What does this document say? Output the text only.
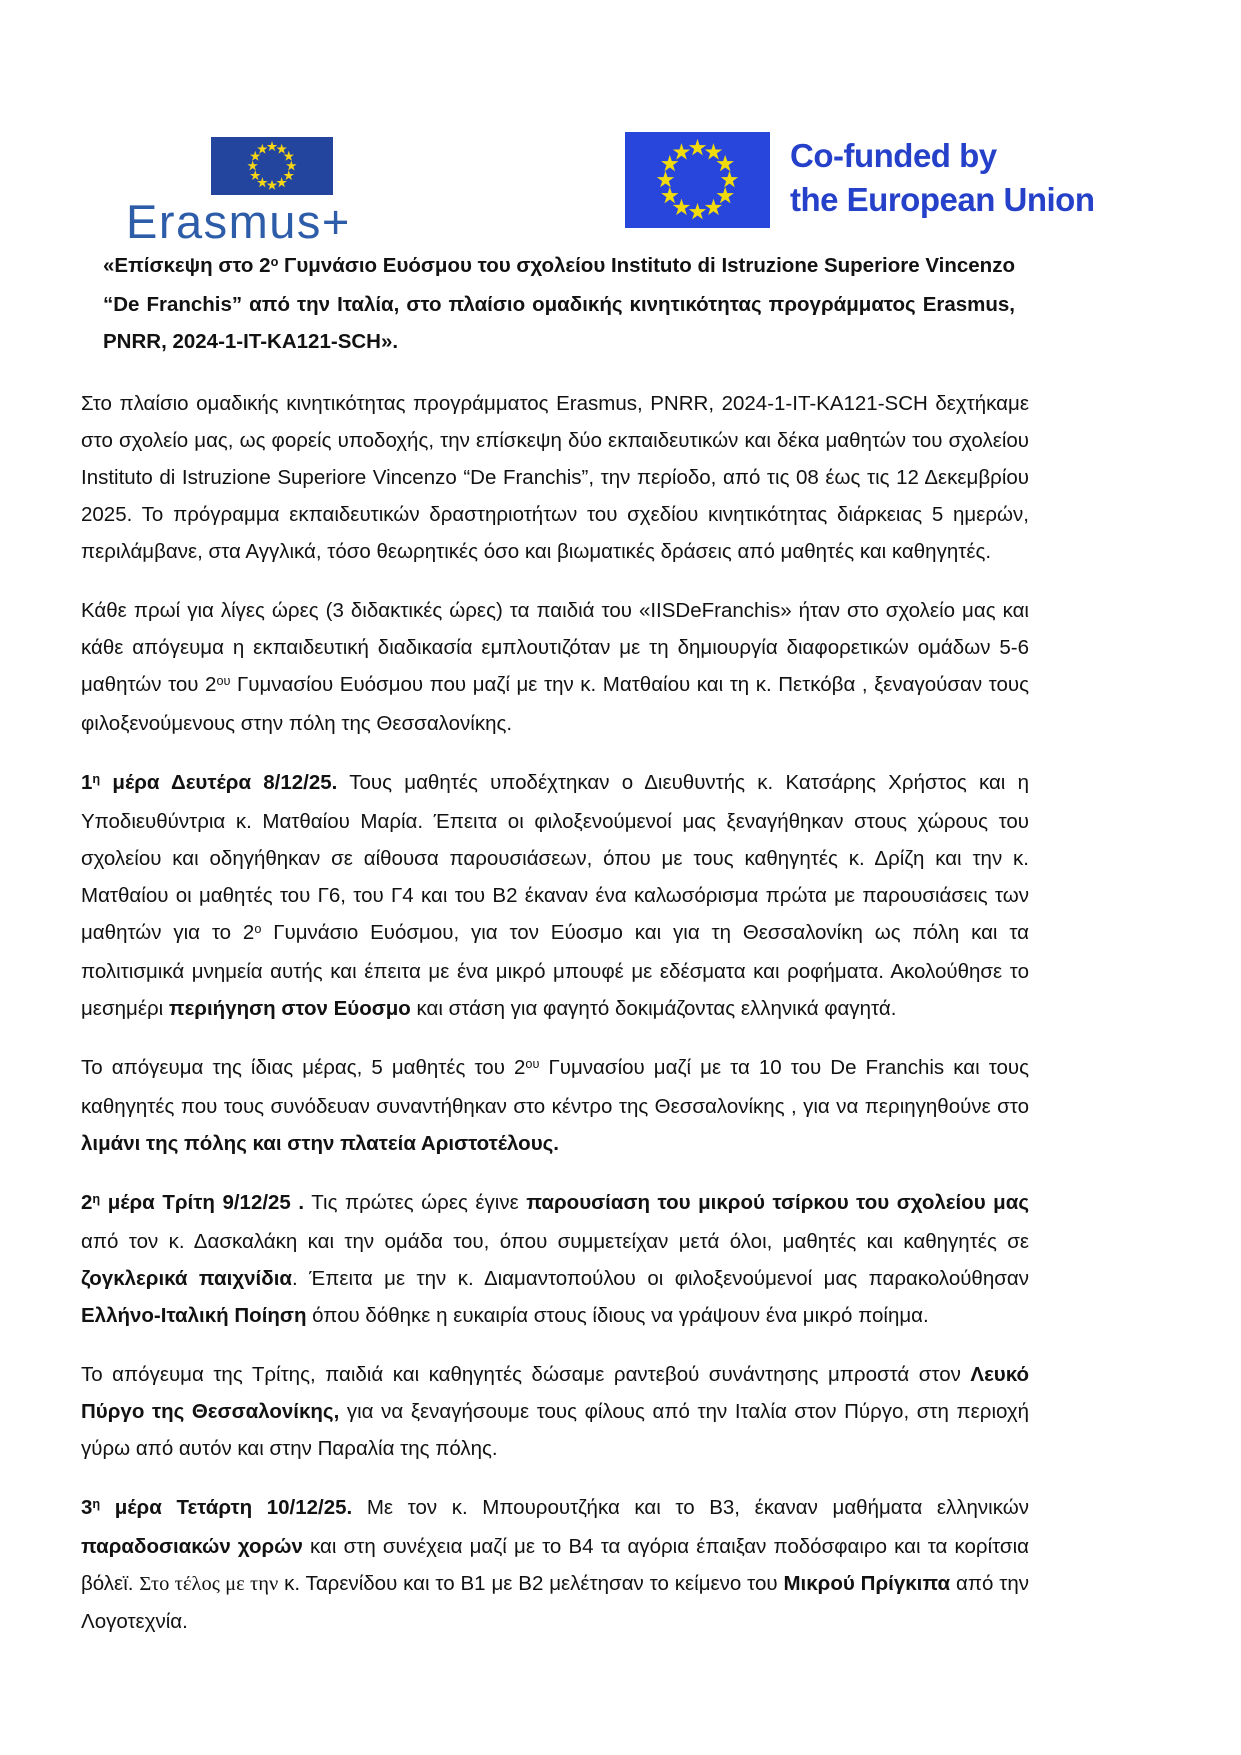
Erasmus+
Co-funded by
the European Union

«Επίσκεψη στο $2^o$ Γυμνάσιο Ευόσμου του σχολείου Instituto di Istruzione Superiore Vincenzo “De Franchis” από την Ιταλία, στο πλαίσιο ομαδικής κινητικότητας προγράμματος Erasmus, PNRR, 2024-1-IT-KA121-SCH».

Στο πλαίσιο ομαδικής κινητικότητας προγράμματος Erasmus, PNRR, 2024-1-IT-KA121-SCH δεχτήκαμε στο σχολείο μας, ως φορείς υποδοχής, την επίσκεψη δύο εκπαιδευτικών και δέκα μαθητών του σχολείου Instituto di Istruzione Superiore Vincenzo “De Franchis”, την περίοδο, από τις 08 έως τις 12 Δεκεμβρίου 2025. Το πρόγραμμα εκπαιδευτικών δραστηριοτήτων του σχεδίου κινητικότητας διάρκειας 5 ημερών, περιλάμβανε, στα Αγγλικά, τόσο θεωρητικές όσο και βιωματικές δράσεις από μαθητές και καθηγητές.

Κάθε πρωί για λίγες ώρες (3 διδακτικές ώρες) τα παιδιά του «IISDeFranchis» ήταν στο σχολείο μας και κάθε απόγευμα η εκπαιδευτική διαδικασία εμπλουτιζόταν με τη δημιουργία διαφορετικών ομάδων 5-6 μαθητών του $2^{o\upsilon}$ Γυμνασίου Ευόσμου που μαζί με την κ. Ματθαίου και τη κ. Πετκόβα , ξεναγούσαν τους φιλοξενούμενους στην πόλη της Θεσσαλονίκης.

$1^\eta$ μέρα Δευτέρα 8/12/25. Τους μαθητές υποδέχτηκαν ο Διευθυντής κ. Κατσάρης Χρήστος και η Υποδιευθύντρια κ. Ματθαίου Μαρία. Έπειτα οι φιλοξενούμενοί μας ξεναγήθηκαν στους χώρους του σχολείου και οδηγήθηκαν σε αίθουσα παρουσιάσεων, όπου με τους καθηγητές κ. Δρίζη και την κ. Ματθαίου οι μαθητές του Γ6, του Γ4 και του Β2 έκαναν ένα καλωσόρισμα πρώτα με παρουσιάσεις των μαθητών για το $2^o$ Γυμνάσιο Ευόσμου, για τον Εύοσμο και για τη Θεσσαλονίκη ως πόλη και τα πολιτισμικά μνημεία αυτής και έπειτα με ένα μικρό μπουφέ με εδέσματα και ροφήματα. Ακολούθησε το μεσημέρι περιήγηση στον Εύοσμο και στάση για φαγητό δοκιμάζοντας ελληνικά φαγητά.

Το απόγευμα της ίδιας μέρας, 5 μαθητές του $2^{o\upsilon}$ Γυμνασίου μαζί με τα 10 του De Franchis και τους καθηγητές που τους συνόδευαν συναντήθηκαν στο κέντρο της Θεσσαλονίκης , για να περιηγηθούνε στο λιμάνι της πόλης και στην πλατεία Αριστοτέλους.

$2^\eta$ μέρα Τρίτη 9/12/25 . Τις πρώτες ώρες έγινε παρουσίαση του μικρού τσίρκου του σχολείου μας από τον κ. Δασκαλάκη και την ομάδα του, όπου συμμετείχαν μετά όλοι, μαθητές και καθηγητές σε ζογκλερικά παιχνίδια. Έπειτα με την κ. Διαμαντοπούλου οι φιλοξενούμενοί μας παρακολούθησαν Ελλήνο-Ιταλική Ποίηση όπου δόθηκε η ευκαιρία στους ίδιους να γράψουν ένα μικρό ποίημα.

Το απόγευμα της Τρίτης, παιδιά και καθηγητές δώσαμε ραντεβού συνάντησης μπροστά στον Λευκό Πύργο της Θεσσαλονίκης, για να ξεναγήσουμε τους φίλους από την Ιταλία στον Πύργο, στη περιοχή γύρω από αυτόν και στην Παραλία της πόλης.

$3^\eta$ μέρα Τετάρτη 10/12/25. Με τον κ. Μπουρουτζήκα και το Β3, έκαναν μαθήματα ελληνικών παραδοσιακών χορών και στη συνέχεια μαζί με το Β4 τα αγόρια έπαιξαν ποδόσφαιρο και τα κορίτσια βόλεϊ. Στο τέλος με την κ. Ταρενίδου και το Β1 με Β2 μελέτησαν το κείμενο του Μικρού Πρίγκιπα από την Λογοτεχνία.
